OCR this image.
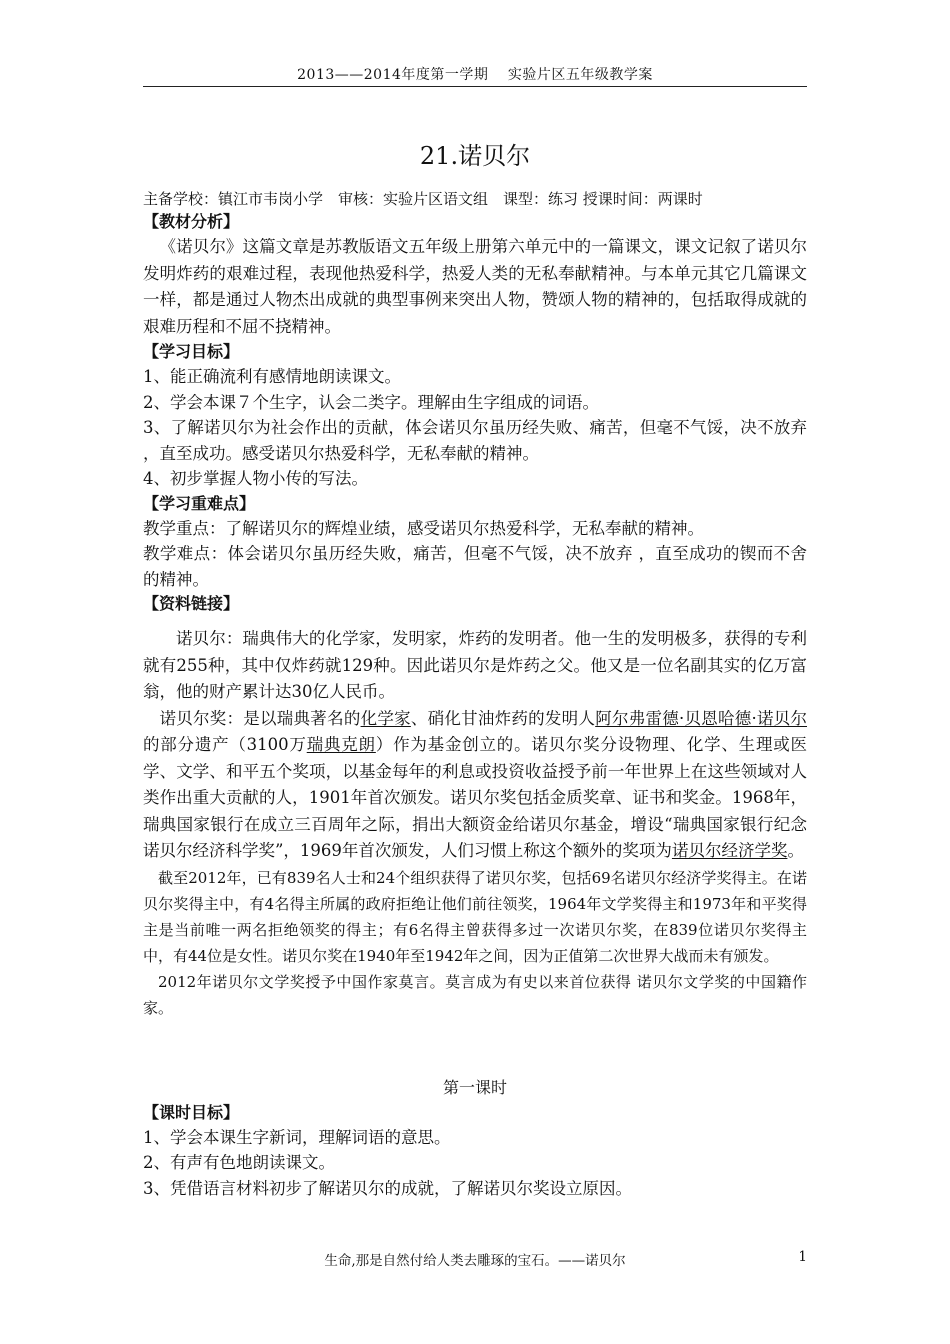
2013——2014年度第一学期　 实验片区五年级教学案
21.诺贝尔

主备学校：镇江市韦岗小学　审核：实验片区语文组　课型：练习 授课时间：两课时

【教材分析】

《诺贝尔》这篇文章是苏教版语文五年级上册第六单元中的一篇课文，课文记叙了诺贝尔发明炸药的艰难过程，表现他热爱科学，热爱人类的无私奉献精神。与本单元其它几篇课文一样，都是通过人物杰出成就的典型事例来突出人物，赞颂人物的精神的，包括取得成就的艰难历程和不屈不挠精神。

【学习目标】

1、能正确流利有感情地朗读课文。

2、学会本课７个生字，认会二类字。理解由生字组成的词语。

3、了解诺贝尔为社会作出的贡献，体会诺贝尔虽历经失败、痛苦，但毫不气馁，决不放弃 ，直至成功。感受诺贝尔热爱科学，无私奉献的精神。

4、初步掌握人物小传的写法。

【学习重难点】

教学重点：了解诺贝尔的辉煌业绩，感受诺贝尔热爱科学，无私奉献的精神。

教学难点：体会诺贝尔虽历经失败，痛苦，但毫不气馁，决不放弃 ，直至成功的锲而不舍的精神。

【资料链接】

诺贝尔：瑞典伟大的化学家，发明家，炸药的发明者。他一生的发明极多，获得的专利就有255种，其中仅炸药就129种。因此诺贝尔是炸药之父。他又是一位名副其实的亿万富翁，他的财产累计达30亿人民币。

诺贝尔奖：是以瑞典著名的化学家、硝化甘油炸药的发明人阿尔弗雷德·贝恩哈德·诺贝尔的部分遗产（3100万瑞典克朗）作为基金创立的。诺贝尔奖分设物理、化学、生理或医学、文学、和平五个奖项，以基金每年的利息或投资收益授予前一年世界上在这些领域对人类作出重大贡献的人，1901年首次颁发。诺贝尔奖包括金质奖章、证书和奖金。1968年，瑞典国家银行在成立三百周年之际，捐出大额资金给诺贝尔基金，增设“瑞典国家银行纪念诺贝尔经济科学奖”，1969年首次颁发，人们习惯上称这个额外的奖项为诺贝尔经济学奖。

截至2012年，已有839名人士和24个组织获得了诺贝尔奖，包括69名诺贝尔经济学奖得主。在诺贝尔奖得主中，有4名得主所属的政府拒绝让他们前往领奖，1964年文学奖得主和1973年和平奖得主是当前唯一两名拒绝领奖的得主；有6名得主曾获得多过一次诺贝尔奖，在839位诺贝尔奖得主中，有44位是女性。诺贝尔奖在1940年至1942年之间，因为正值第二次世界大战而未有颁发。

2012年诺贝尔文学奖授予中国作家莫言。莫言成为有史以来首位获得 诺贝尔文学奖的中国籍作家。

第一课时

【课时目标】

1、学会本课生字新词，理解词语的意思。

2、有声有色地朗读课文。

3、凭借语言材料初步了解诺贝尔的成就，了解诺贝尔奖设立原因。

生命,那是自然付给人类去雕琢的宝石。——诺贝尔	1
